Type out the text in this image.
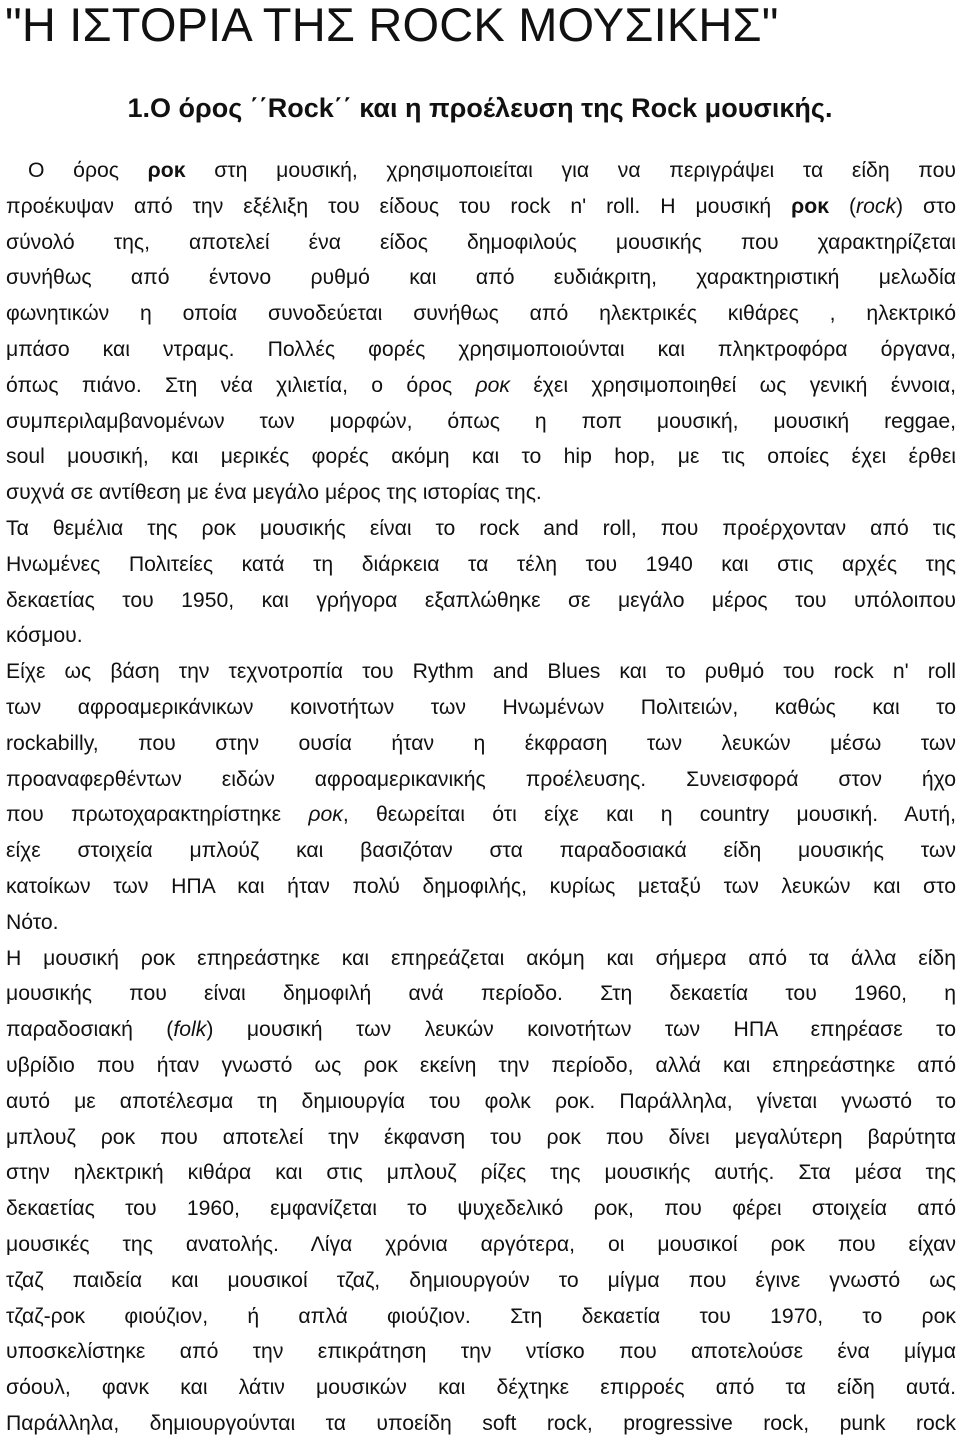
"Η ΙΣΤΟΡΙΑ ΤΗΣ ROCK ΜΟΥΣΙΚΗΣ"
1.Ο όρος ΄΄Rock΄΄ και η προέλευση της Rock μουσικής.
Ο όρος ροκ στη μουσική, χρησιμοποιείται για να περιγράψει τα είδη που
προέκυψαν από την εξέλιξη του είδους του rock n' roll. Η μουσική ροκ (rock) στο
σύνολό της, αποτελεί ένα είδος δημοφιλούς μουσικής που χαρακτηρίζεται
συνήθως από έντονο ρυθμό και από ευδιάκριτη, χαρακτηριστική μελωδία
φωνητικών η οποία συνοδεύεται συνήθως από ηλεκτρικές κιθάρες , ηλεκτρικό
μπάσο και ντραμς. Πολλές φορές χρησιμοποιούνται και πληκτροφόρα όργανα,
όπως πιάνο. Στη νέα χιλιετία, ο όρος ροκ έχει χρησιμοποιηθεί ως γενική έννοια,
συμπεριλαμβανομένων των μορφών, όπως η ποπ μουσική, μουσική reggae,
soul μουσική, και μερικές φορές ακόμη και το hip hop, με τις οποίες έχει έρθει
συχνά σε αντίθεση με ένα μεγάλο μέρος της ιστορίας της.
Τα θεμέλια της ροκ μουσικής είναι το rock and roll, που προέρχονταν από τις
Ηνωμένες Πολιτείες κατά τη διάρκεια τα τέλη του 1940 και στις αρχές της
δεκαετίας του 1950, και γρήγορα εξαπλώθηκε σε μεγάλο μέρος του υπόλοιπου
κόσμου.
Είχε ως βάση την τεχνοτροπία του Rythm and Blues και το ρυθμό του rock n' roll
των αφροαμερικάνικων κοινοτήτων των Ηνωμένων Πολιτειών, καθώς και το
rockabilly, που στην ουσία ήταν η έκφραση των λευκών μέσω των
προαναφερθέντων ειδών αφροαμερικανικής προέλευσης. Συνεισφορά στον ήχο
που πρωτοχαρακτηρίστηκε ροκ, θεωρείται ότι είχε και η country μουσική. Αυτή,
είχε στοιχεία μπλούζ και βασιζόταν στα παραδοσιακά είδη μουσικής των
κατοίκων των ΗΠΑ και ήταν πολύ δημοφιλής, κυρίως μεταξύ των λευκών και στο
Νότο.
Η μουσική ροκ επηρεάστηκε και επηρεάζεται ακόμη και σήμερα από τα άλλα είδη
μουσικής που είναι δημοφιλή ανά περίοδο. Στη δεκαετία του 1960, η
παραδοσιακή (folk) μουσική των λευκών κοινοτήτων των ΗΠΑ επηρέασε το
υβρίδιο που ήταν γνωστό ως ροκ εκείνη την περίοδο, αλλά και επηρεάστηκε από
αυτό με αποτέλεσμα τη δημιουργία του φολκ ροκ. Παράλληλα, γίνεται γνωστό το
μπλουζ ροκ που αποτελεί την έκφανση του ροκ που δίνει μεγαλύτερη βαρύτητα
στην ηλεκτρική κιθάρα και στις μπλουζ ρίζες της μουσικής αυτής. Στα μέσα της
δεκαετίας του 1960, εμφανίζεται το ψυχεδελικό ροκ, που φέρει στοιχεία από
μουσικές της ανατολής. Λίγα χρόνια αργότερα, οι μουσικοί ροκ που είχαν
τζαζ παιδεία και μουσικοί τζαζ, δημιουργούν το μίγμα που έγινε γνωστό ως
τζαζ-ροκ φιούζιον, ή απλά φιούζιον. Στη δεκαετία του 1970, το ροκ
υποσκελίστηκε από την επικράτηση την ντίσκο που αποτελούσε ένα μίγμα
σόουλ, φανκ και λάτιν μουσικών και δέχτηκε επιρροές από τα είδη αυτά.
Παράλληλα, δημιουργούνται τα υποείδη soft rock, progressive rock, punk rock
